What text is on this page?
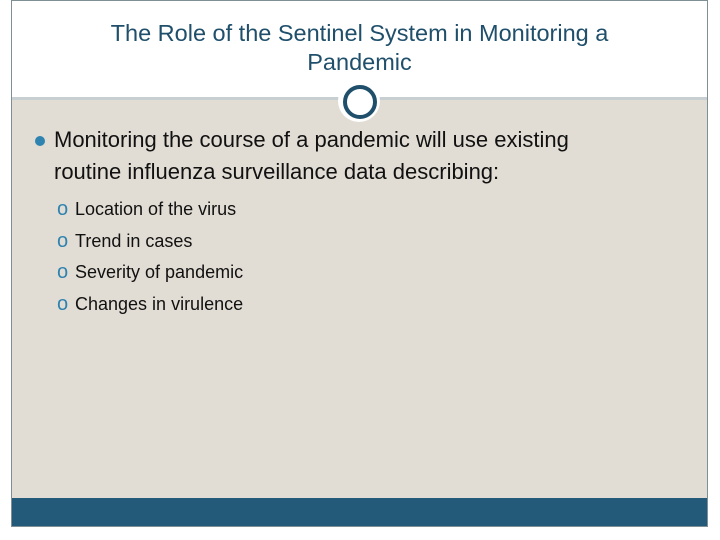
The Role of the Sentinel System in Monitoring a
Pandemic

Monitoring the course of a pandemic will use existing
routine influenza surveillance data describing:

o Location of the virus
o Trend in cases
o Severity of pandemic
o Changes in virulence
